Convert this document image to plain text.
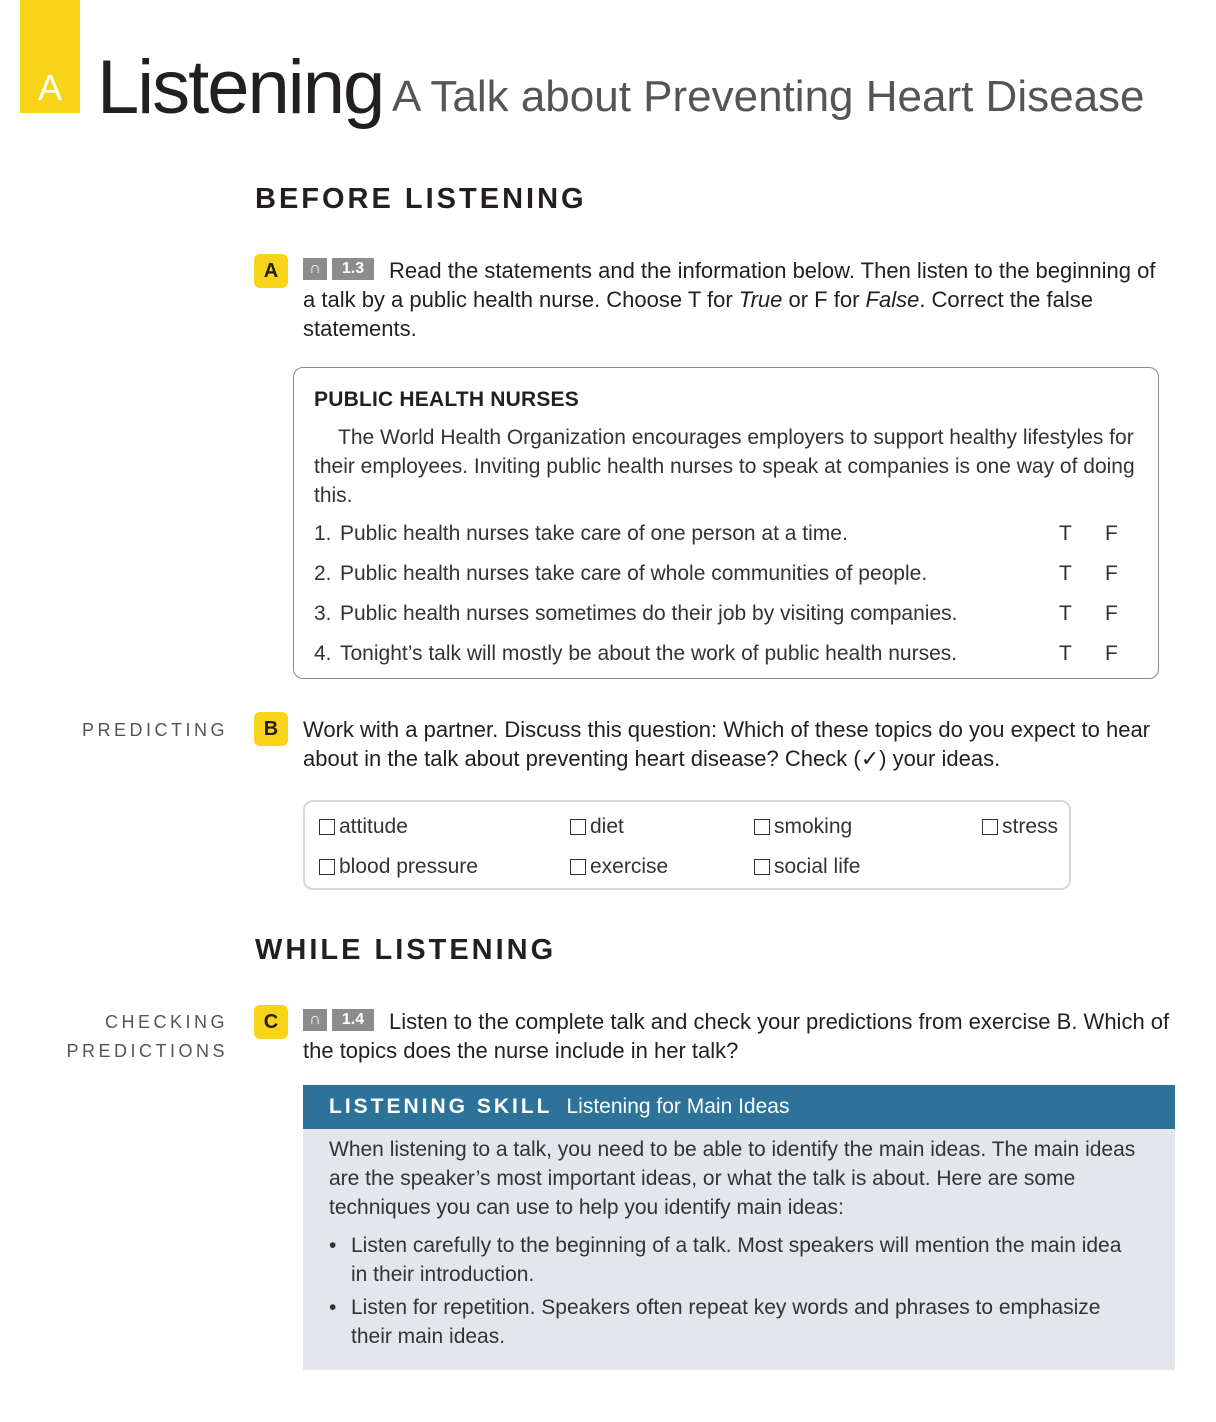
A Listening A Talk about Preventing Heart Disease
BEFORE LISTENING
A	∩	1.3	Read the statements and the information below. Then listen to the beginning of a talk by a public health nurse. Choose T for True or F for False. Correct the false statements.
PUBLIC HEALTH NURSES
The World Health Organization encourages employers to support healthy lifestyles for their employees. Inviting public health nurses to speak at companies is one way of doing this.
1. Public health nurses take care of one person at a time.	T F
2. Public health nurses take care of whole communities of people.	T F
3. Public health nurses sometimes do their job by visiting companies.	T F
4. Tonight’s talk will mostly be about the work of public health nurses.	T F
PREDICTING	B	Work with a partner. Discuss this question: Which of these topics do you expect to hear about in the talk about preventing heart disease? Check (✓) your ideas.
attitude	diet	smoking	stress
blood pressure	exercise	social life
WHILE LISTENING
CHECKING
PREDICTIONS
C	∩	1.4	Listen to the complete talk and check your predictions from exercise B. Which of the topics does the nurse include in her talk?
LISTENING SKILL Listening for Main Ideas
When listening to a talk, you need to be able to identify the main ideas. The main ideas are the speaker’s most important ideas, or what the talk is about. Here are some techniques you can use to help you identify main ideas:
• Listen carefully to the beginning of a talk. Most speakers will mention the main idea in their introduction.
• Listen for repetition. Speakers often repeat key words and phrases to emphasize their main ideas.
